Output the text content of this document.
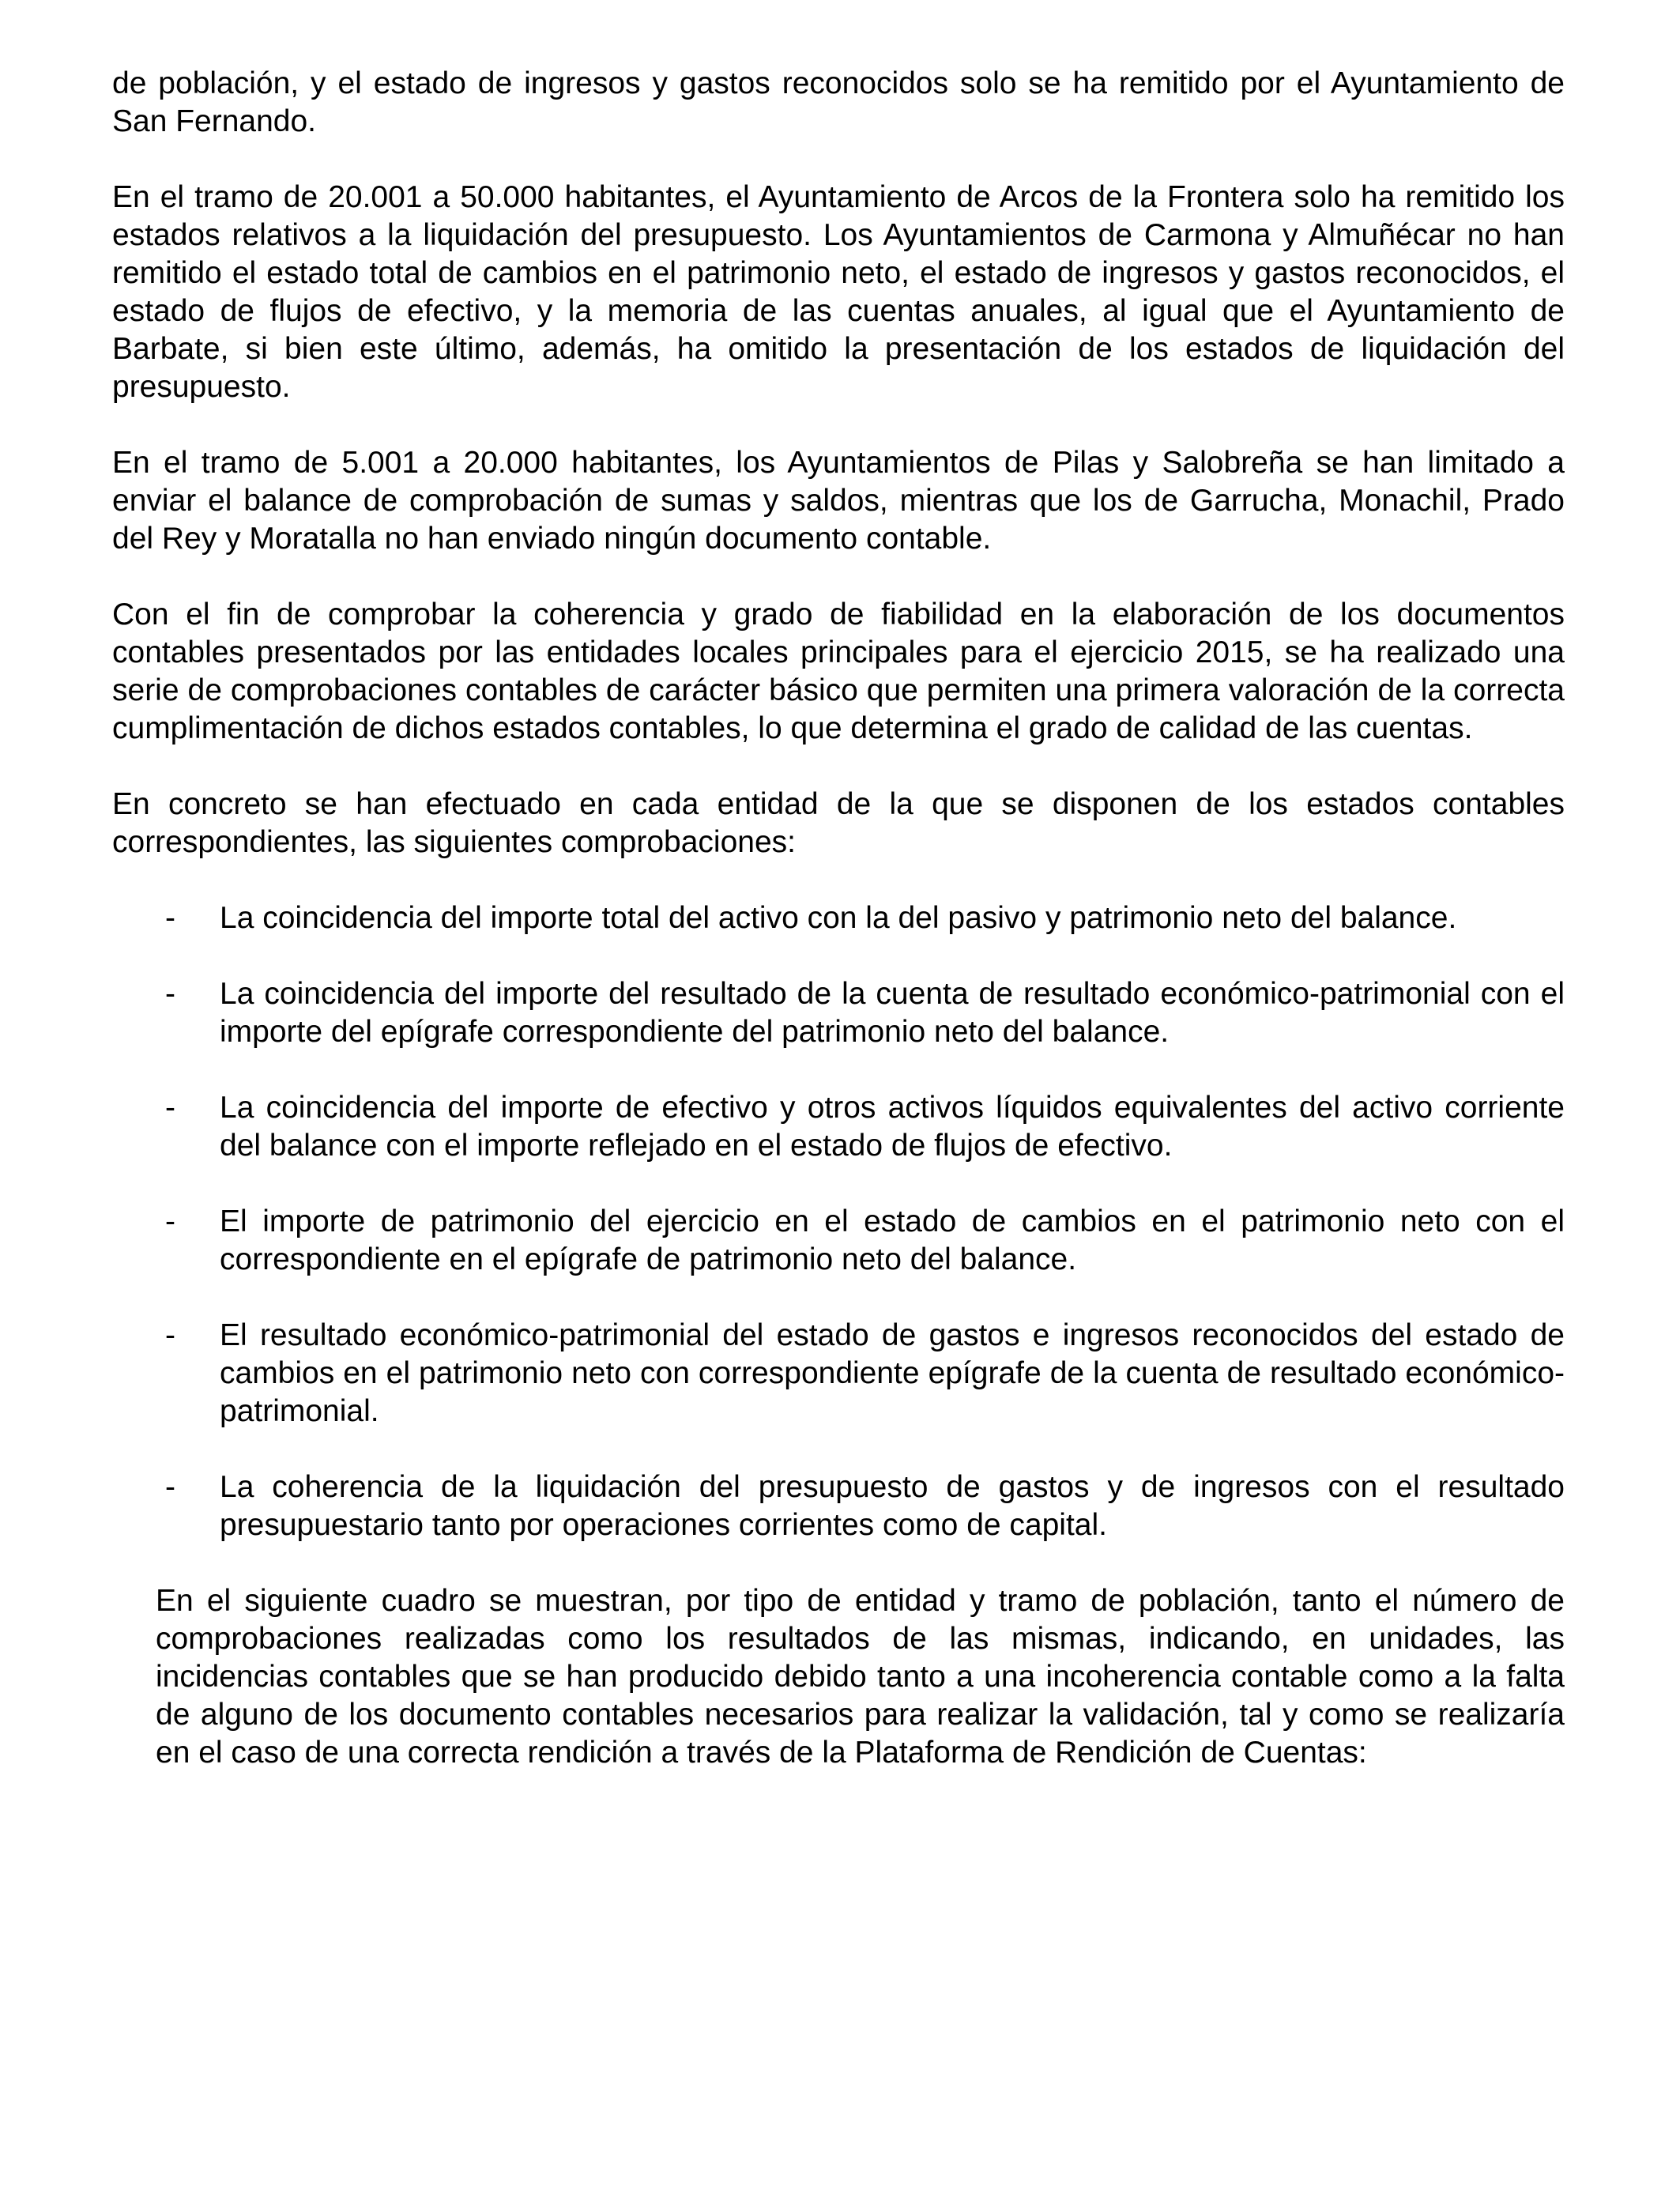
de población, y el estado de ingresos y gastos reconocidos solo se ha remitido por el Ayuntamiento de San Fernando.

En el tramo de 20.001 a 50.000 habitantes, el Ayuntamiento de Arcos de la Frontera solo ha remitido los estados relativos a la liquidación del presupuesto. Los Ayuntamientos de Carmona y Almuñécar no han remitido el estado total de cambios en el patrimonio neto, el estado de ingresos y gastos reconocidos, el estado de flujos de efectivo, y la memoria de las cuentas anuales, al igual que el Ayuntamiento de Barbate, si bien este último, además, ha omitido la presentación de los estados de liquidación del presupuesto.

En el tramo de 5.001 a 20.000 habitantes, los Ayuntamientos de Pilas y Salobreña se han limitado a enviar el balance de comprobación de sumas y saldos, mientras que los de Garrucha, Monachil, Prado del Rey y Moratalla no han enviado ningún documento contable.

Con el fin de comprobar la coherencia y grado de fiabilidad en la elaboración de los documentos contables presentados por las entidades locales principales para el ejercicio 2015, se ha realizado una serie de comprobaciones contables de carácter básico que permiten una primera valoración de la correcta cumplimentación de dichos estados contables, lo que determina el grado de calidad de las cuentas.

En concreto se han efectuado en cada entidad de la que se disponen de los estados contables correspondientes, las siguientes comprobaciones:

- La coincidencia del importe total del activo con la del pasivo y patrimonio neto del balance.
- La coincidencia del importe del resultado de la cuenta de resultado económico-patrimonial con el importe del epígrafe correspondiente del patrimonio neto del balance.
- La coincidencia del importe de efectivo y otros activos líquidos equivalentes del activo corriente del balance con el importe reflejado en el estado de flujos de efectivo.
- El importe de patrimonio del ejercicio en el estado de cambios en el patrimonio neto con el correspondiente en el epígrafe de patrimonio neto del balance.
- El resultado económico-patrimonial del estado de gastos e ingresos reconocidos del estado de cambios en el patrimonio neto con correspondiente epígrafe de la cuenta de resultado económico-patrimonial.
- La coherencia de la liquidación del presupuesto de gastos y de ingresos con el resultado presupuestario tanto por operaciones corrientes como de capital.

En el siguiente cuadro se muestran, por tipo de entidad y tramo de población, tanto el número de comprobaciones realizadas como los resultados de las mismas, indicando, en unidades, las incidencias contables que se han producido debido tanto a una incoherencia contable como a la falta de alguno de los documento contables necesarios para realizar la validación, tal y como se realizaría en el caso de una correcta rendición a través de la Plataforma de Rendición de Cuentas:
